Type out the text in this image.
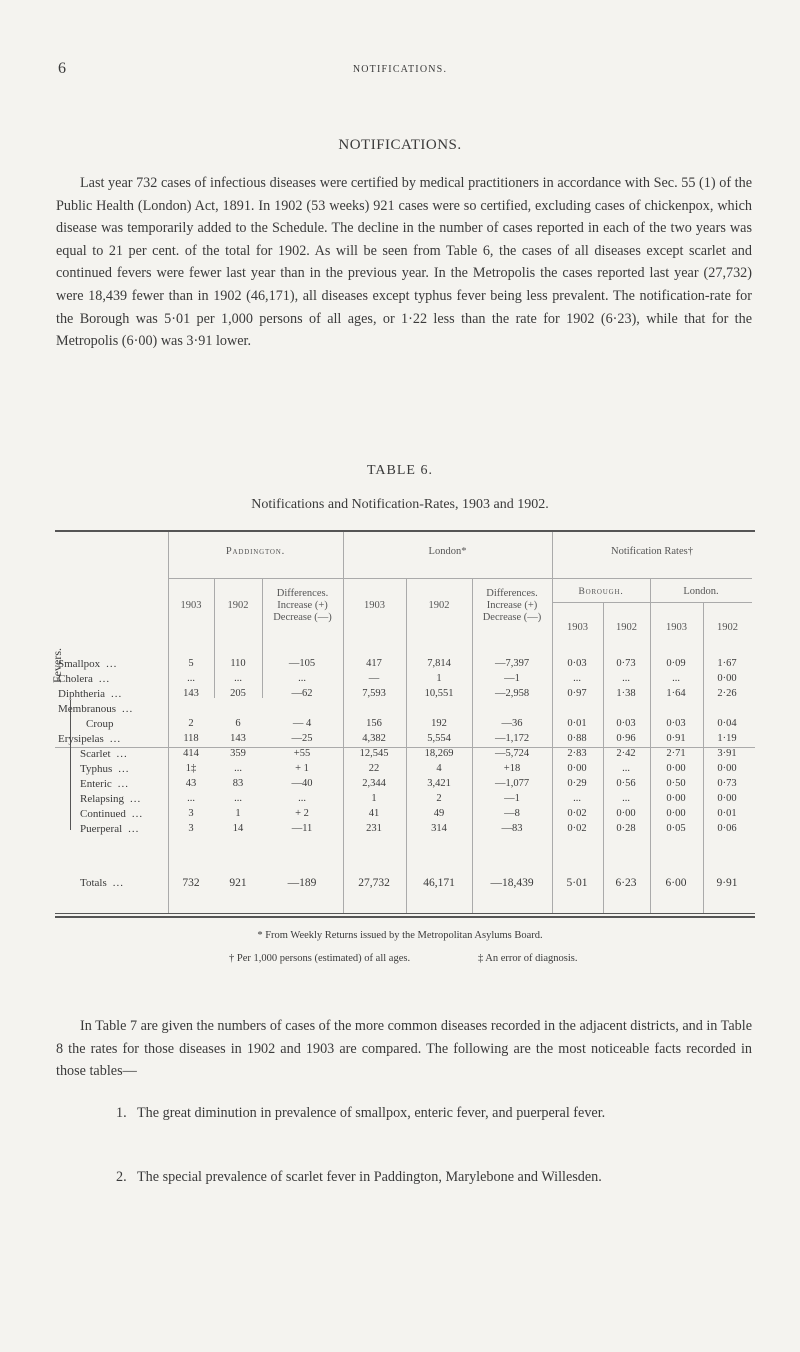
6	NOTIFICATIONS.
NOTIFICATIONS.

Last year 732 cases of infectious diseases were certified by medical practitioners in accordance with Sec. 55 (1) of the Public Health (London) Act, 1891. In 1902 (53 weeks) 921 cases were so certified, excluding cases of chickenpox, which disease was temporarily added to the Schedule. The decline in the number of cases reported in each of the two years was equal to 21 per cent. of the total for 1902. As will be seen from Table 6, the cases of all diseases except scarlet and continued fevers were fewer last year than in the previous year. In the Metropolis the cases reported last year (27,732) were 18,439 fewer than in 1902 (46,171), all diseases except typhus fever being less prevalent. The notification-rate for the Borough was 5·01 per 1,000 persons of all ages, or 1·22 less than the rate for 1902 (6·23), while that for the Metropolis (6·00) was 3·91 lower.

TABLE 6.
Notifications and Notification-Rates, 1903 and 1902.
Paddington.	London*	Notification Rates†
Borough.	London.
1903	1902
Differences.
Increase (+)
Decrease (—)
1903	1902
Differences.
Increase (+)
Decrease (—)
1903	1902	1903	1902
Fevers.
Smallpox ...	5	110	—105	417	7,814	—7,397	0·03	0·73	0·09	1·67
Cholera ...	...	...	...	—	1	—1	...	...	...	0·00
Diphtheria ...	143	205	—62	7,593	10,551	—2,958	0·97	1·38	1·64	2·26
Membranous ...
Croup	2	6	— 4	156	192	—36	0·01	0·03	0·03	0·04
Erysipelas ...	118	143	—25	4,382	5,554	—1,172	0·88	0·96	0·91	1·19
Scarlet ...	414	359	+55	12,545	18,269	—5,724	2·83	2·42	2·71	3·91
Typhus ...	1‡	...	+ 1	22	4	+18	0·00	...	0·00	0·00
Enteric ...	43	83	—40	2,344	3,421	—1,077	0·29	0·56	0·50	0·73
Relapsing ...	...	...	...	1	2	—1	...	...	0·00	0·00
Continued ...	3	1	+ 2	41	49	—8	0·02	0·00	0·00	0·01
Puerperal ...	3	14	—11	231	314	—83	0·02	0·28	0·05	0·06
Totals ...	732	921	—189	27,732	46,171	—18,439	5·01	6·23	6·00	9·91
* From Weekly Returns issued by the Metropolitan Asylums Board.
† Per 1,000 persons (estimated) of all ages.	‡ An error of diagnosis.

In Table 7 are given the numbers of cases of the more common diseases recorded in the adjacent districts, and in Table 8 the rates for those diseases in 1902 and 1903 are compared. The following are the most noticeable facts recorded in those tables—

1. The great diminution in prevalence of smallpox, enteric fever, and puerperal fever.
2. The special prevalence of scarlet fever in Paddington, Marylebone and Willesden.
